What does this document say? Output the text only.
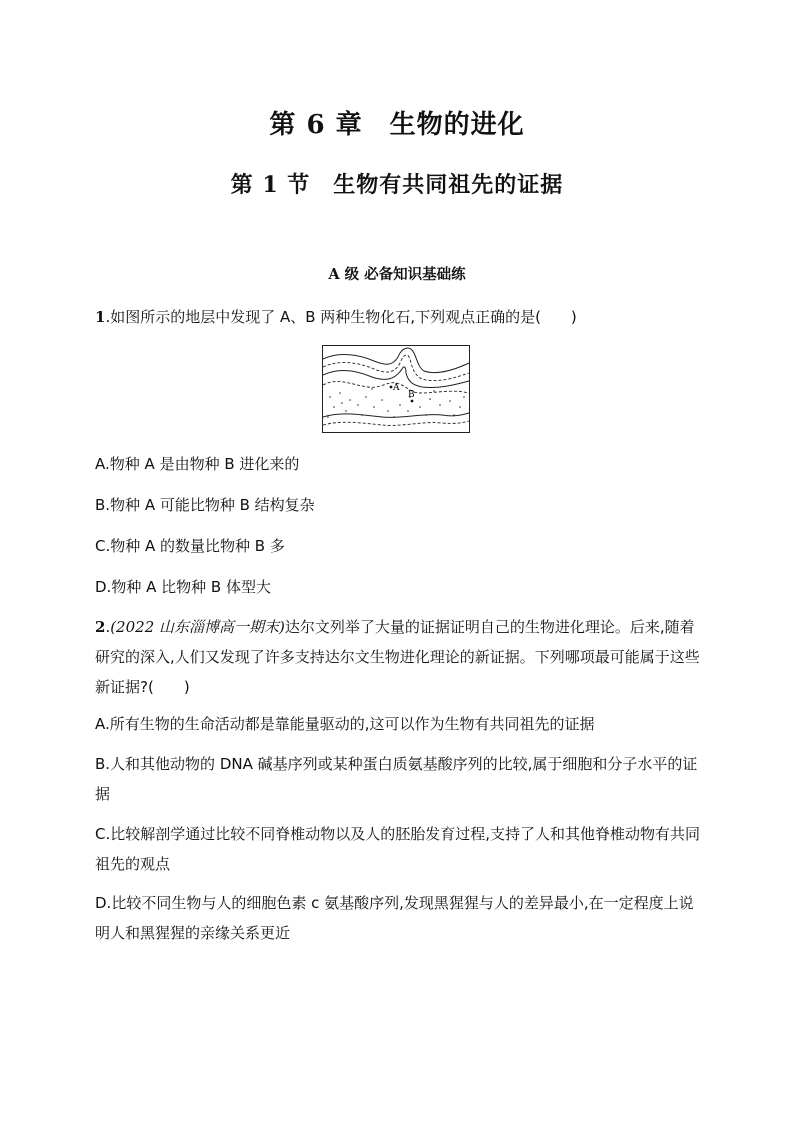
第 6 章　生物的进化
第 1 节　生物有共同祖先的证据
A 级 必备知识基础练
1.如图所示的地层中发现了 A、B 两种生物化石,下列观点正确的是(　　)
A
B
A.物种 A 是由物种 B 进化来的
B.物种 A 可能比物种 B 结构复杂
C.物种 A 的数量比物种 B 多
D.物种 A 比物种 B 体型大
2.(2022 山东淄博高一期末)达尔文列举了大量的证据证明自己的生物进化理论。后来,随着研究的深入,人们又发现了许多支持达尔文生物进化理论的新证据。下列哪项最可能属于这些新证据?(　　)
A.所有生物的生命活动都是靠能量驱动的,这可以作为生物有共同祖先的证据
B.人和其他动物的 DNA 碱基序列或某种蛋白质氨基酸序列的比较,属于细胞和分子水平的证据
C.比较解剖学通过比较不同脊椎动物以及人的胚胎发育过程,支持了人和其他脊椎动物有共同祖先的观点
D.比较不同生物与人的细胞色素 c 氨基酸序列,发现黑猩猩与人的差异最小,在一定程度上说明人和黑猩猩的亲缘关系更近
